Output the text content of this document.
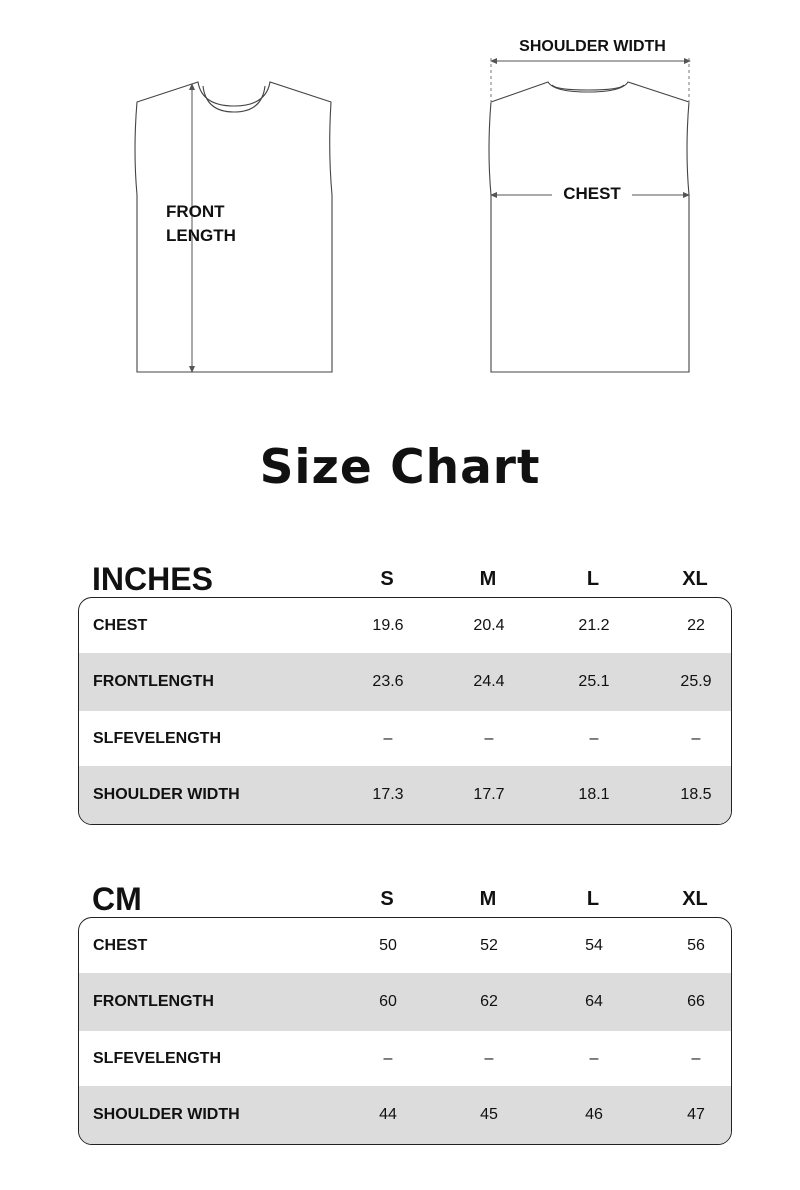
FRONT
LENGTH
SHOULDER WIDTH
CHEST
Size Chart
INCHES	S	M	L	XL
CHEST	19.6	20.4	21.2	22
FRONTLENGTH	23.6	24.4	25.1	25.9
SLFEVELENGTH	–	–	–	–
SHOULDER WIDTH	17.3	17.7	18.1	18.5
CM	S	M	L	XL
CHEST	50	52	54	56
FRONTLENGTH	60	62	64	66
SLFEVELENGTH	–	–	–	–
SHOULDER WIDTH	44	45	46	47
